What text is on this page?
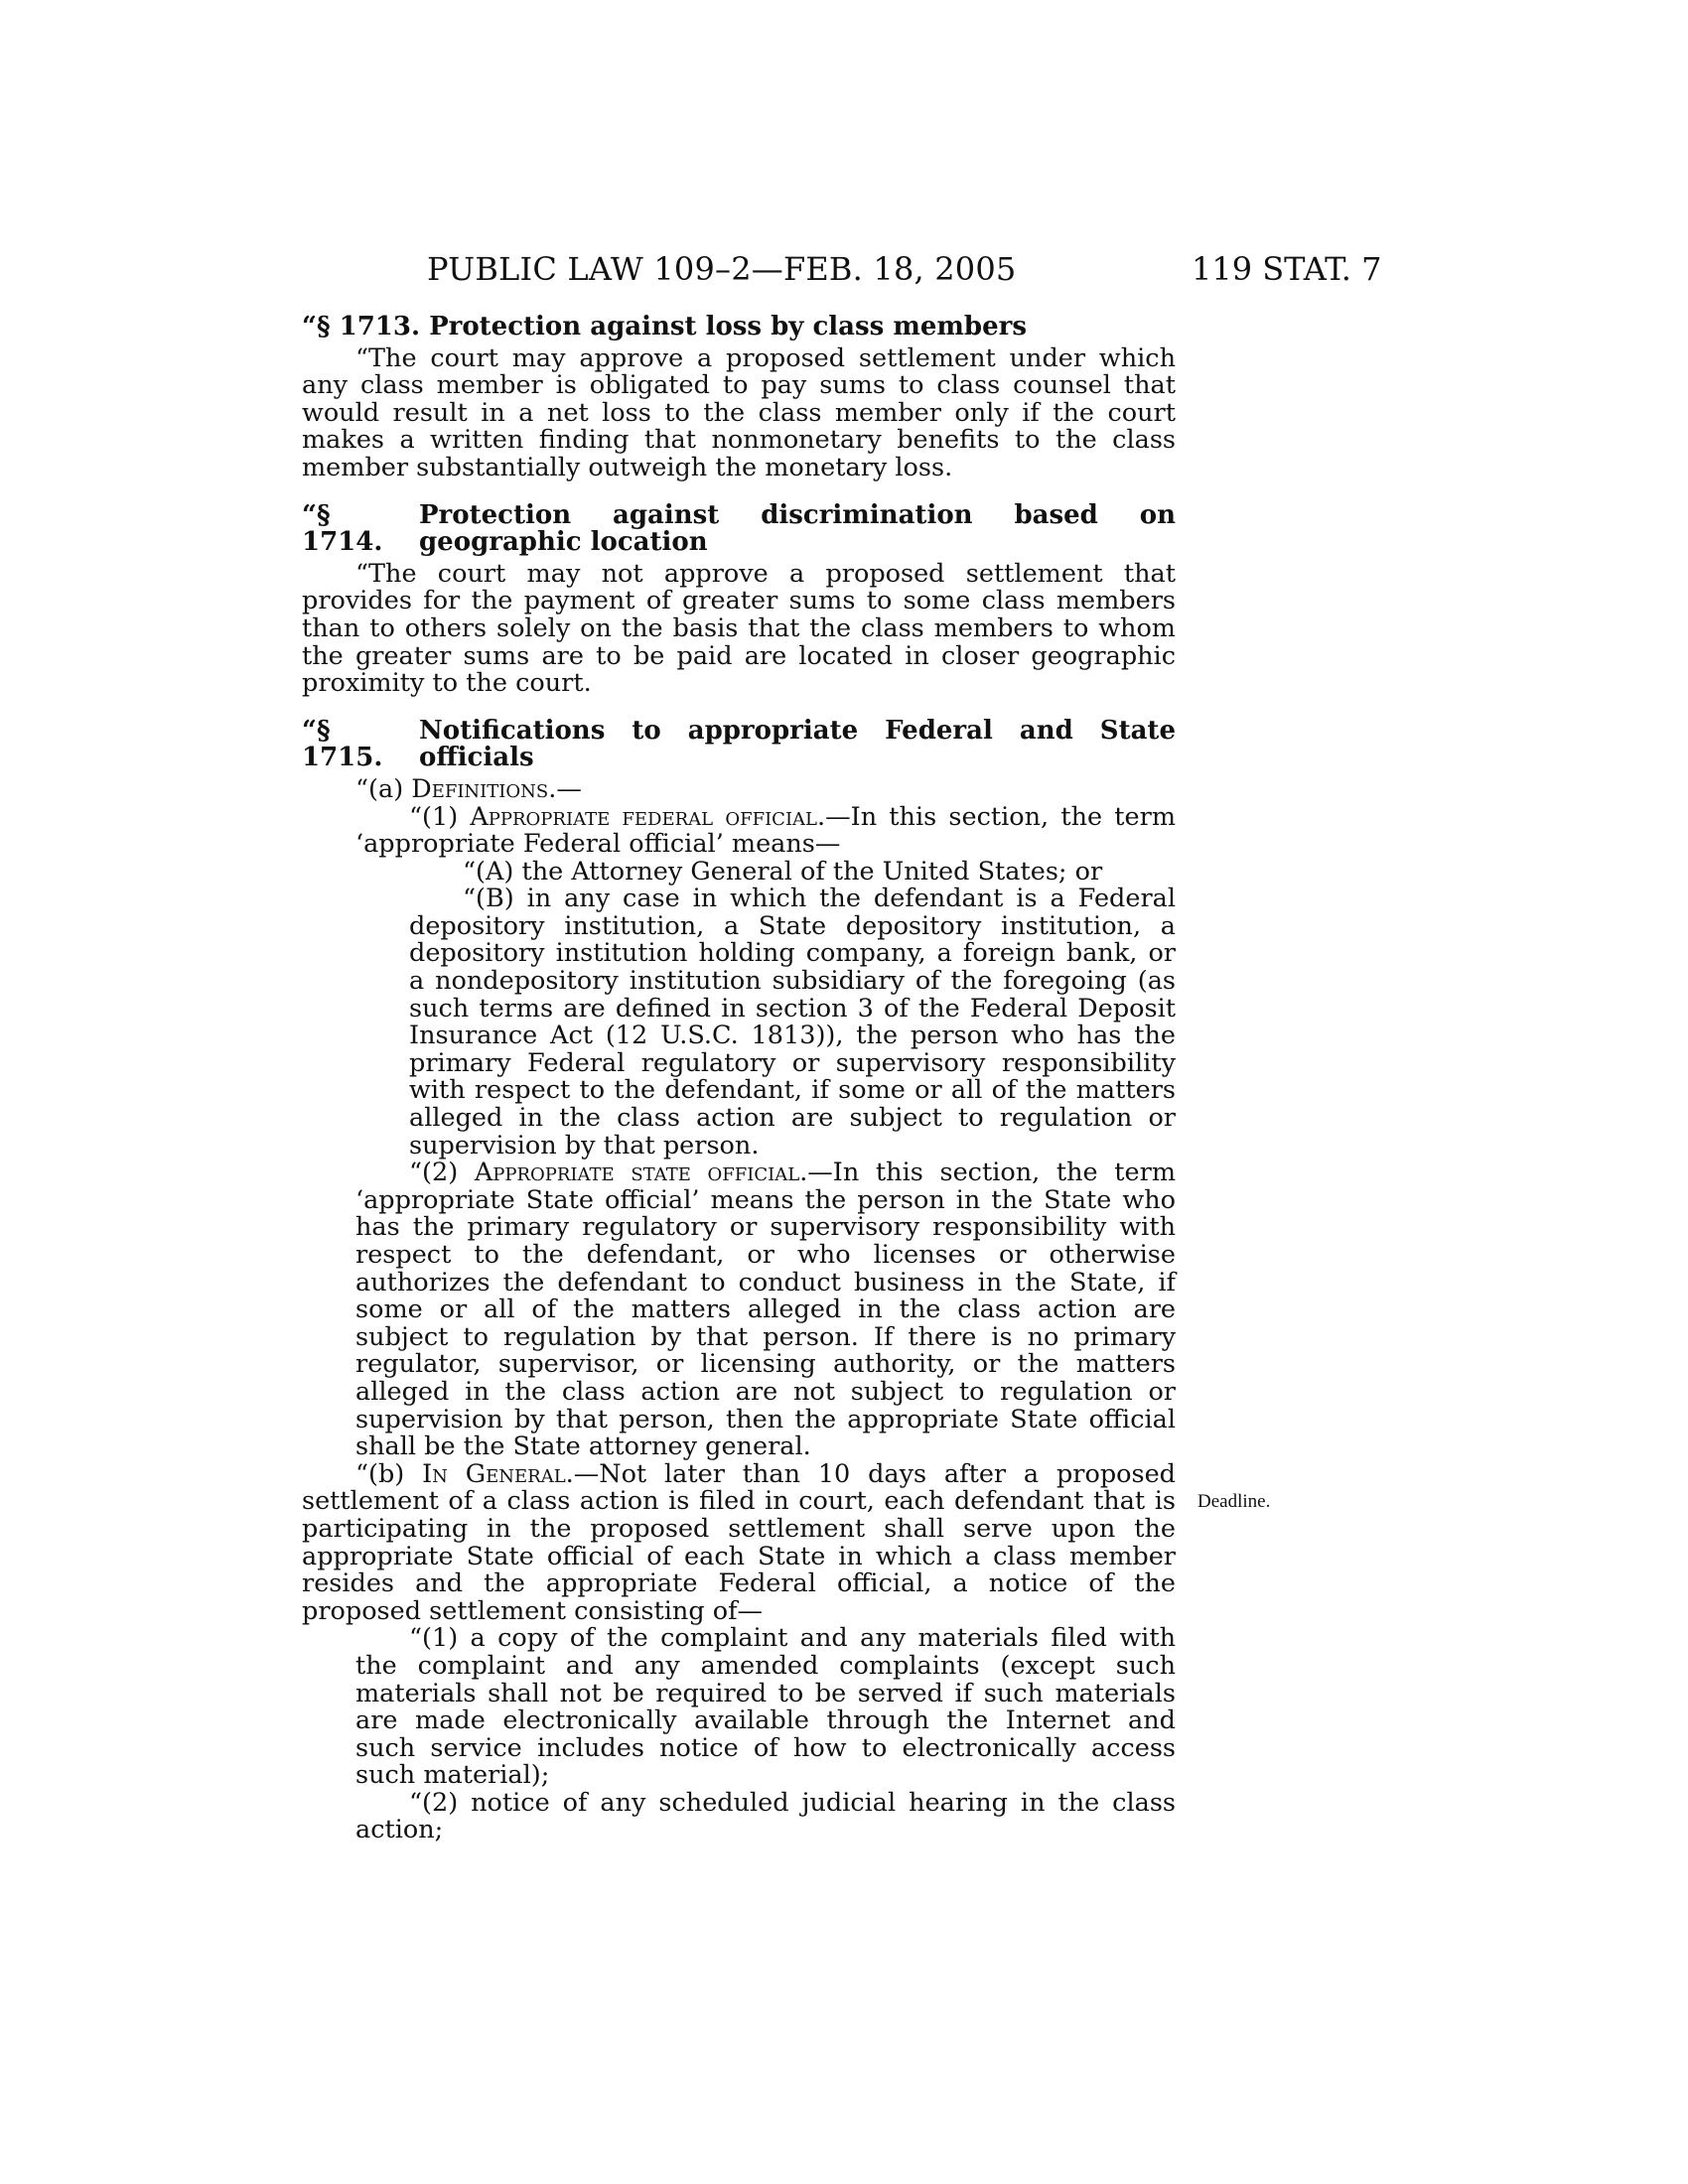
PUBLIC LAW 109–2—FEB. 18, 2005	119 STAT. 7
“§ 1713. Protection against loss by class members

“The court may approve a proposed settlement under which any class member is obligated to pay sums to class counsel that would result in a net loss to the class member only if the court makes a written finding that nonmonetary benefits to the class member substantially outweigh the monetary loss.

“§ 1714.
Protection against discrimination based on geographic location

“The court may not approve a proposed settlement that provides for the payment of greater sums to some class members than to others solely on the basis that the class members to whom the greater sums are to be paid are located in closer geographic proximity to the court.

“§ 1715.
Notifications to appropriate Federal and State officials

“(a) Definitions.—

“(1) Appropriate federal official.—In this section, the term ‘appropriate Federal official’ means—

“(A) the Attorney General of the United States; or

“(B) in any case in which the defendant is a Federal depository institution, a State depository institution, a depository institution holding company, a foreign bank, or a nondepository institution subsidiary of the foregoing (as such terms are defined in section 3 of the Federal Deposit Insurance Act (12 U.S.C. 1813)), the person who has the primary Federal regulatory or supervisory responsibility with respect to the defendant, if some or all of the matters alleged in the class action are subject to regulation or supervision by that person.

“(2) Appropriate state official.—In this section, the term ‘appropriate State official’ means the person in the State who has the primary regulatory or supervisory responsibility with respect to the defendant, or who licenses or otherwise authorizes the defendant to conduct business in the State, if some or all of the matters alleged in the class action are subject to regulation by that person. If there is no primary regulator, supervisor, or licensing authority, or the matters alleged in the class action are not subject to regulation or supervision by that person, then the appropriate State official shall be the State attorney general.

“(b) In General.—Not later than 10 days after a proposed settlement of a class action is filed in court, each defendant that is participating in the proposed settlement shall serve upon the appropriate State official of each State in which a class member resides and the appropriate Federal official, a notice of the proposed settlement consisting of—

“(1) a copy of the complaint and any materials filed with the complaint and any amended complaints (except such materials shall not be required to be served if such materials are made electronically available through the Internet and such service includes notice of how to electronically access such material);

“(2) notice of any scheduled judicial hearing in the class action;

Deadline.
